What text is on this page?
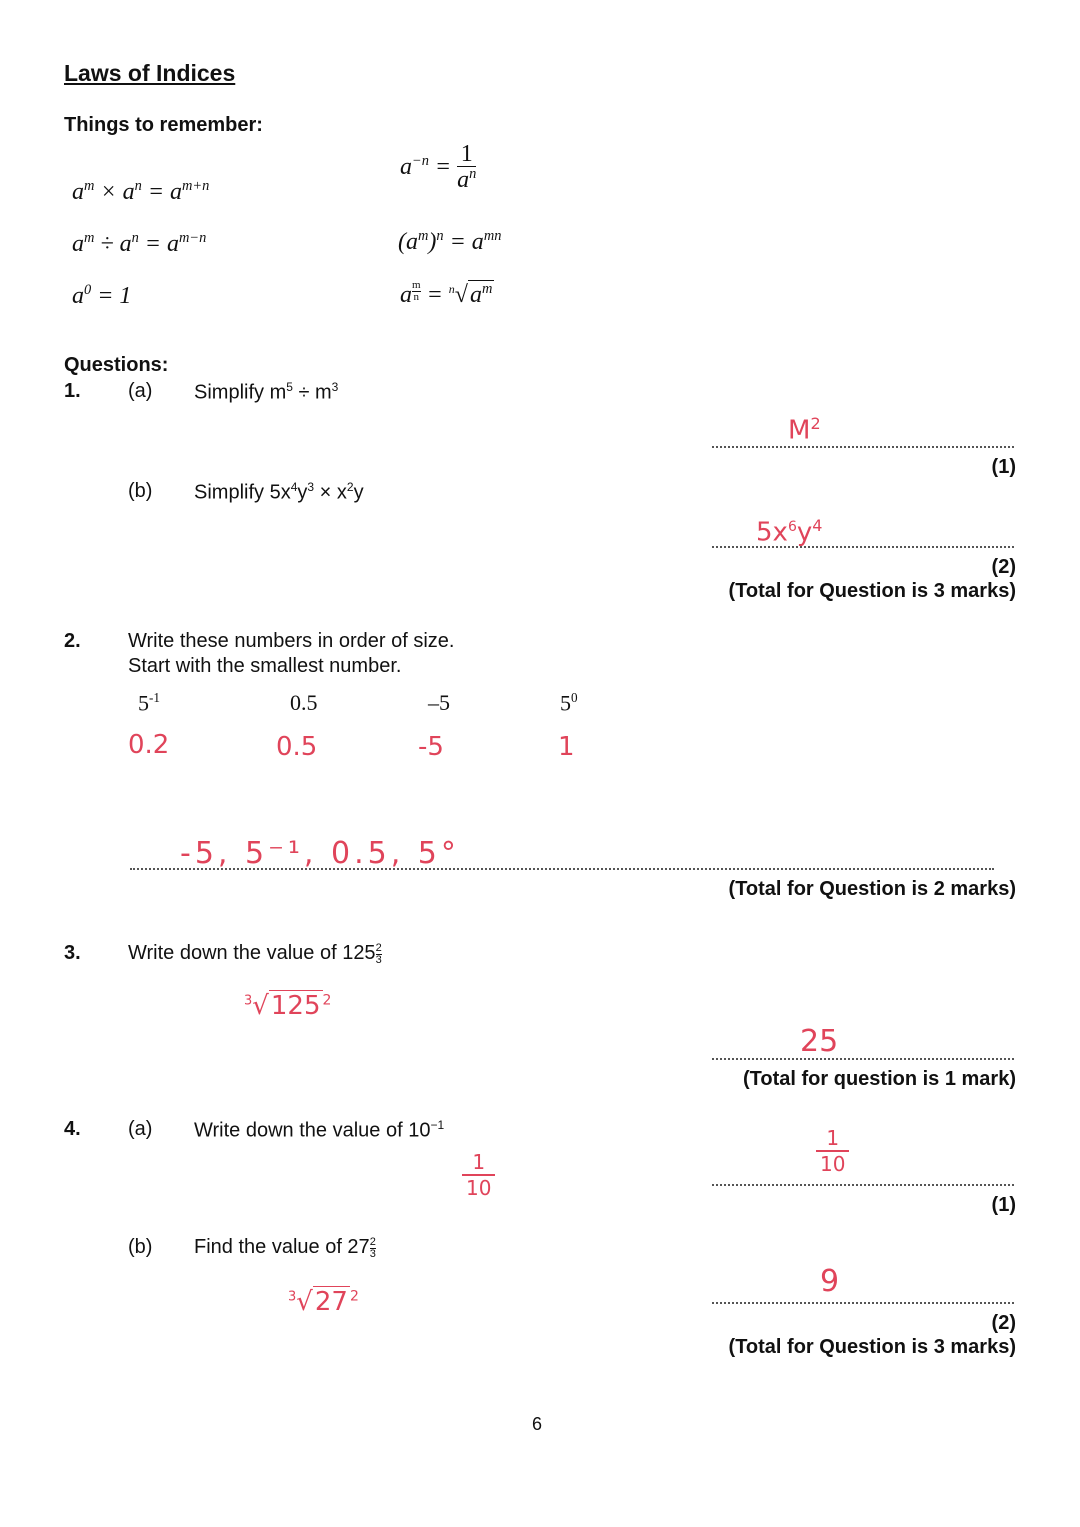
Laws of Indices
Things to remember:
$a^m \times a^n = a^{m+n}$
$a^m \div a^n = a^{m-n}$
$a^0 = 1$
$a^{-n} = \frac{1}{a^n}$
$(a^m)^n = a^{mn}$
a $\frac{m}{n} = ^n√a^m$
Questions:
1. (a) Simplify $m^5 \div m^3$
$M^2$
(1)
(b) Simplify $5x^4y^3 \times x^2y$
$5x^6y^4$
(2)
(Total for Question is 3 marks)
2. Write these numbers in order of size.
Start with the smallest number.
$5^{-1}$	0.5	–5	$5^0$
0.2	0.5	-5	1
-5, 5⁻¹, 0.5, 5°
(Total for Question is 2 marks)
3. Write down the value of $125 \frac{2}{3}$
$^3$√125 $^2$
25
(Total for question is 1 mark)
4. (a) Write down the value of $10^{-1}$
$\frac{1}{10}$
$\frac{1}{10}$
(1)
(b) Find the value of $27 \frac{2}{3}$
$^3$√27 $^2$	9
(2)
(Total for Question is 3 marks)
6
